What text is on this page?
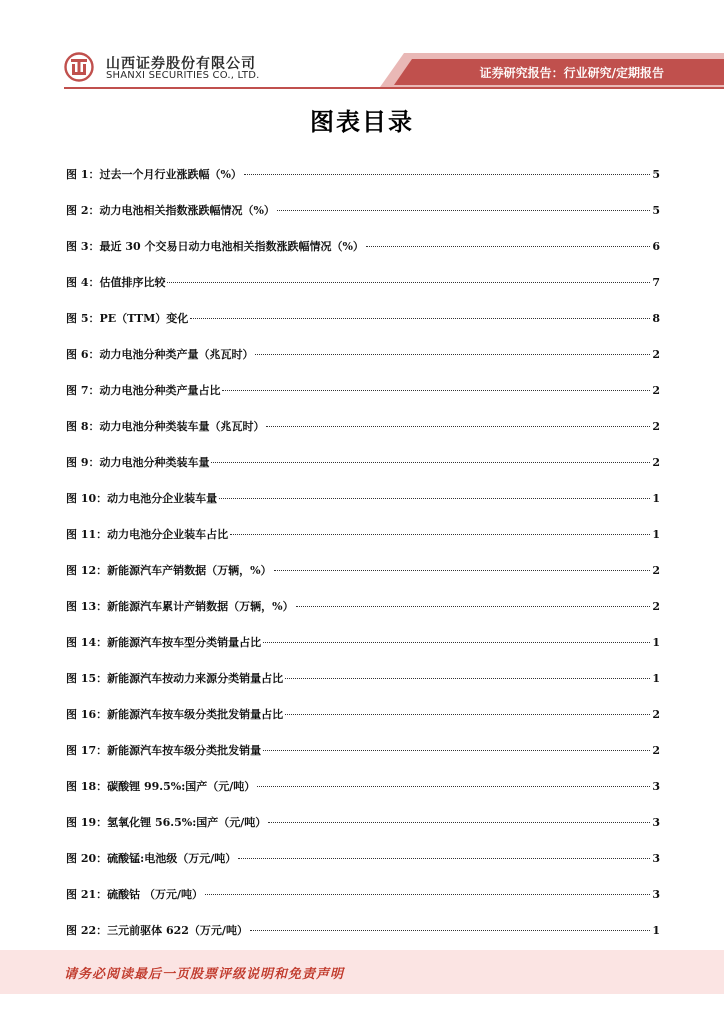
山西证券股份有限公司
SHANXI SECURITIES CO., LTD.	证券研究报告：行业研究/定期报告
图表目录
图 1：过去一个月行业涨跌幅（%）	5
图 2：动力电池相关指数涨跌幅情况（%）	5
图 3：最近 30 个交易日动力电池相关指数涨跌幅情况（%）	6
图 4：估值排序比较	7
图 5：PE（TTM）变化	8
图 6：动力电池分种类产量（兆瓦时）	2
图 7：动力电池分种类产量占比	2
图 8：动力电池分种类装车量（兆瓦时）	2
图 9：动力电池分种类装车量	2
图 10：动力电池分企业装车量	1
图 11：动力电池分企业装车占比	1
图 12：新能源汽车产销数据（万辆，%）	2
图 13：新能源汽车累计产销数据（万辆，%）	2
图 14：新能源汽车按车型分类销量占比	1
图 15：新能源汽车按动力来源分类销量占比	1
图 16：新能源汽车按车级分类批发销量占比	2
图 17：新能源汽车按车级分类批发销量	2
图 18：碳酸锂 99.5%:国产（元/吨）	3
图 19：氢氧化锂 56.5%:国产（元/吨）	3
图 20：硫酸锰:电池级（万元/吨）	3
图 21：硫酸钴 （万元/吨）	3
图 22：三元前驱体 622（万元/吨）	1
请务必阅读最后一页股票评级说明和免责声明
